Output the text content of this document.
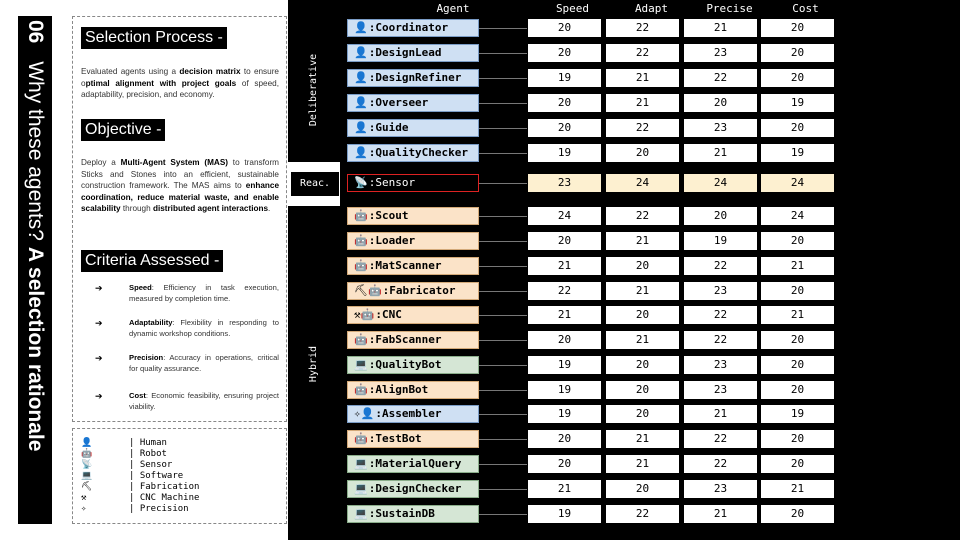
06 Why these agents? A selection rationale
Selection Process -
Evaluated agents using a decision matrix to ensure optimal alignment with project goals of speed, adaptability, precision, and economy.
Objective -
Deploy a Multi-Agent System (MAS) to transform Sticks and Stones into an efficient, sustainable construction framework. The MAS aims to enhance coordination, reduce material waste, and enable scalability through distributed agent interactions.
Criteria Assessed -
➔	Speed: Efficiency in task execution, measured by completion time.
➔	Adaptability: Flexibility in responding to dynamic workshop conditions.
➔	Precision: Accuracy in operations, critical for quality assurance.
➔	Cost: Economic feasibility, ensuring project viability.
👤	| Human
🤖	| Robot
📡	| Sensor
💻	| Software
⛏	| Fabrication
⚒	| CNC Machine
✧	| Precision
Reac.
Deliberative
Hybrid
Agent	Speed	Adapt	Precise	Cost
👤:Coordinator	20	22	21	20
👤:DesignLead	20	22	23	20
👤:DesignRefiner	19	21	22	20
👤:Overseer	20	21	20	19
👤:Guide	20	22	23	20
👤:QualityChecker	19	20	21	19
📡:Sensor	23	24	24	24
🤖:Scout	24	22	20	24
🤖:Loader	20	21	19	20
🤖:MatScanner	21	20	22	21
⛏🤖:Fabricator	22	21	23	20
⚒🤖:CNC	21	20	22	21
🤖:FabScanner	20	21	22	20
💻:QualityBot	19	20	23	20
🤖:AlignBot	19	20	23	20
✧👤:Assembler	19	20	21	19
🤖:TestBot	20	21	22	20
💻:MaterialQuery	20	21	22	20
💻:DesignChecker	21	20	23	21
💻:SustainDB	19	22	21	20
